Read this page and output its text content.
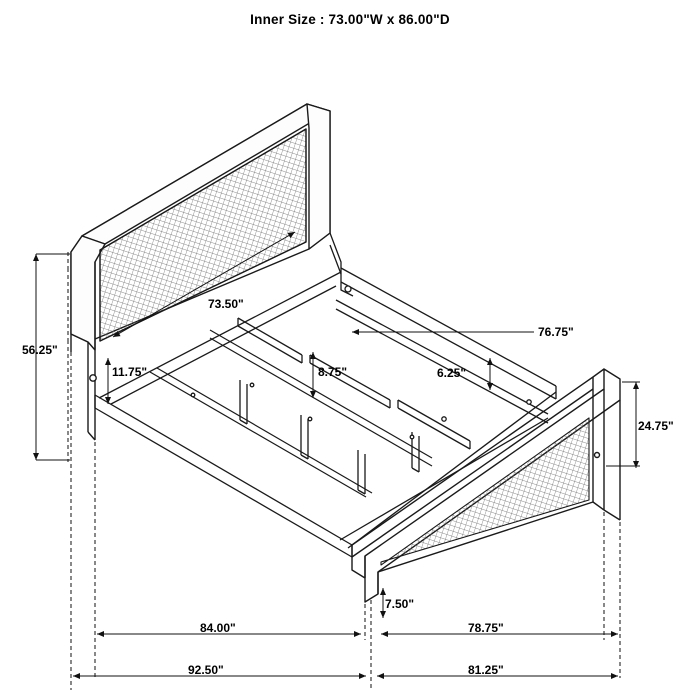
Inner Size : 73.00"W x 86.00"D
73.50"
56.25"
11.75"	8.75"	6.25"
76.75"
24.75"
7.50"
84.00"	78.75"
92.50"	81.25"
